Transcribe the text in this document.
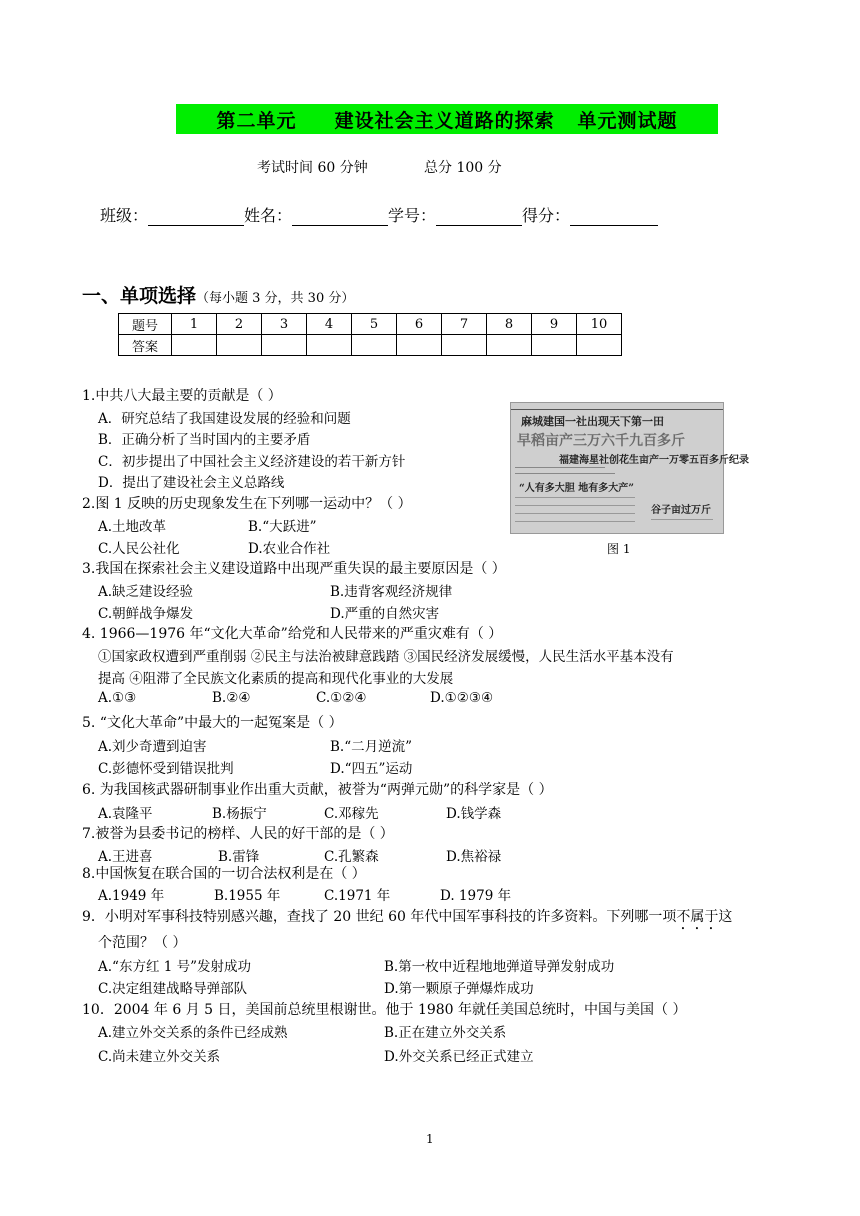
第二单元     建设社会主义道路的探索   单元测试题
考试时间 60 分钟	总分 100 分
班级：	姓名：	学号：	得分：
一、单项选择（每小题 3 分，共 30 分）
题号	1	2	3	4	5	6	7	8	9	10
答案										
麻城建国一社出现天下第一田
早稻亩产三万六千九百多斤
福建海星社创花生亩产一万零五百多斤纪录
“人有多大胆 地有多大产”
谷子亩过万斤
图 1
1.中共八大最主要的贡献是（ ）
A．研究总结了我国建设发展的经验和问题
B．正确分析了当时国内的主要矛盾
C．初步提出了中国社会主义经济建设的若干新方针
D．提出了建设社会主义总路线
2.图 1 反映的历史现象发生在下列哪一运动中？（ ）
A.土地改革	B.“大跃进”
C.人民公社化	D.农业合作社
3.我国在探索社会主义建设道路中出现严重失误的最主要原因是（ ）
A.缺乏建设经验	B.违背客观经济规律
C.朝鲜战争爆发	D.严重的自然灾害
4. 1966—1976 年“文化大革命”给党和人民带来的严重灾难有（ ）
①国家政权遭到严重削弱 ②民主与法治被肆意践踏 ③国民经济发展缓慢，人民生活水平基本没有
提高 ④阻滞了全民族文化素质的提高和现代化事业的大发展
A.①③	B.②④	C.①②④	D.①②③④
5. “文化大革命”中最大的一起冤案是（ ）
A.刘少奇遭到迫害	B.“二月逆流”
C.彭德怀受到错误批判	D.“四五”运动
6. 为我国核武器研制事业作出重大贡献，被誉为“两弹元勋”的科学家是（ ）
A.袁隆平	B.杨振宁	C.邓稼先	D.钱学森
7.被誉为县委书记的榜样、人民的好干部的是（ ）
A.王进喜	B.雷锋	C.孔繁森	D.焦裕禄
8.中国恢复在联合国的一切合法权利是在（ ）
A.1949 年	B.1955 年	C.1971 年	D. 1979 年
9．小明对军事科技特别感兴趣，查找了 20 世纪 60 年代中国军事科技的许多资料。下列哪一项不属于这
个范围？（ ）
A.“东方红 1 号”发射成功	B.第一枚中近程地地弹道导弹发射成功
C.决定组建战略导弹部队	D.第一颗原子弹爆炸成功
10．2004 年 6 月 5 日，美国前总统里根谢世。他于 1980 年就任美国总统时，中国与美国（ ）
A.建立外交关系的条件已经成熟	B.正在建立外交关系
C.尚未建立外交关系	D.外交关系已经正式建立
1
